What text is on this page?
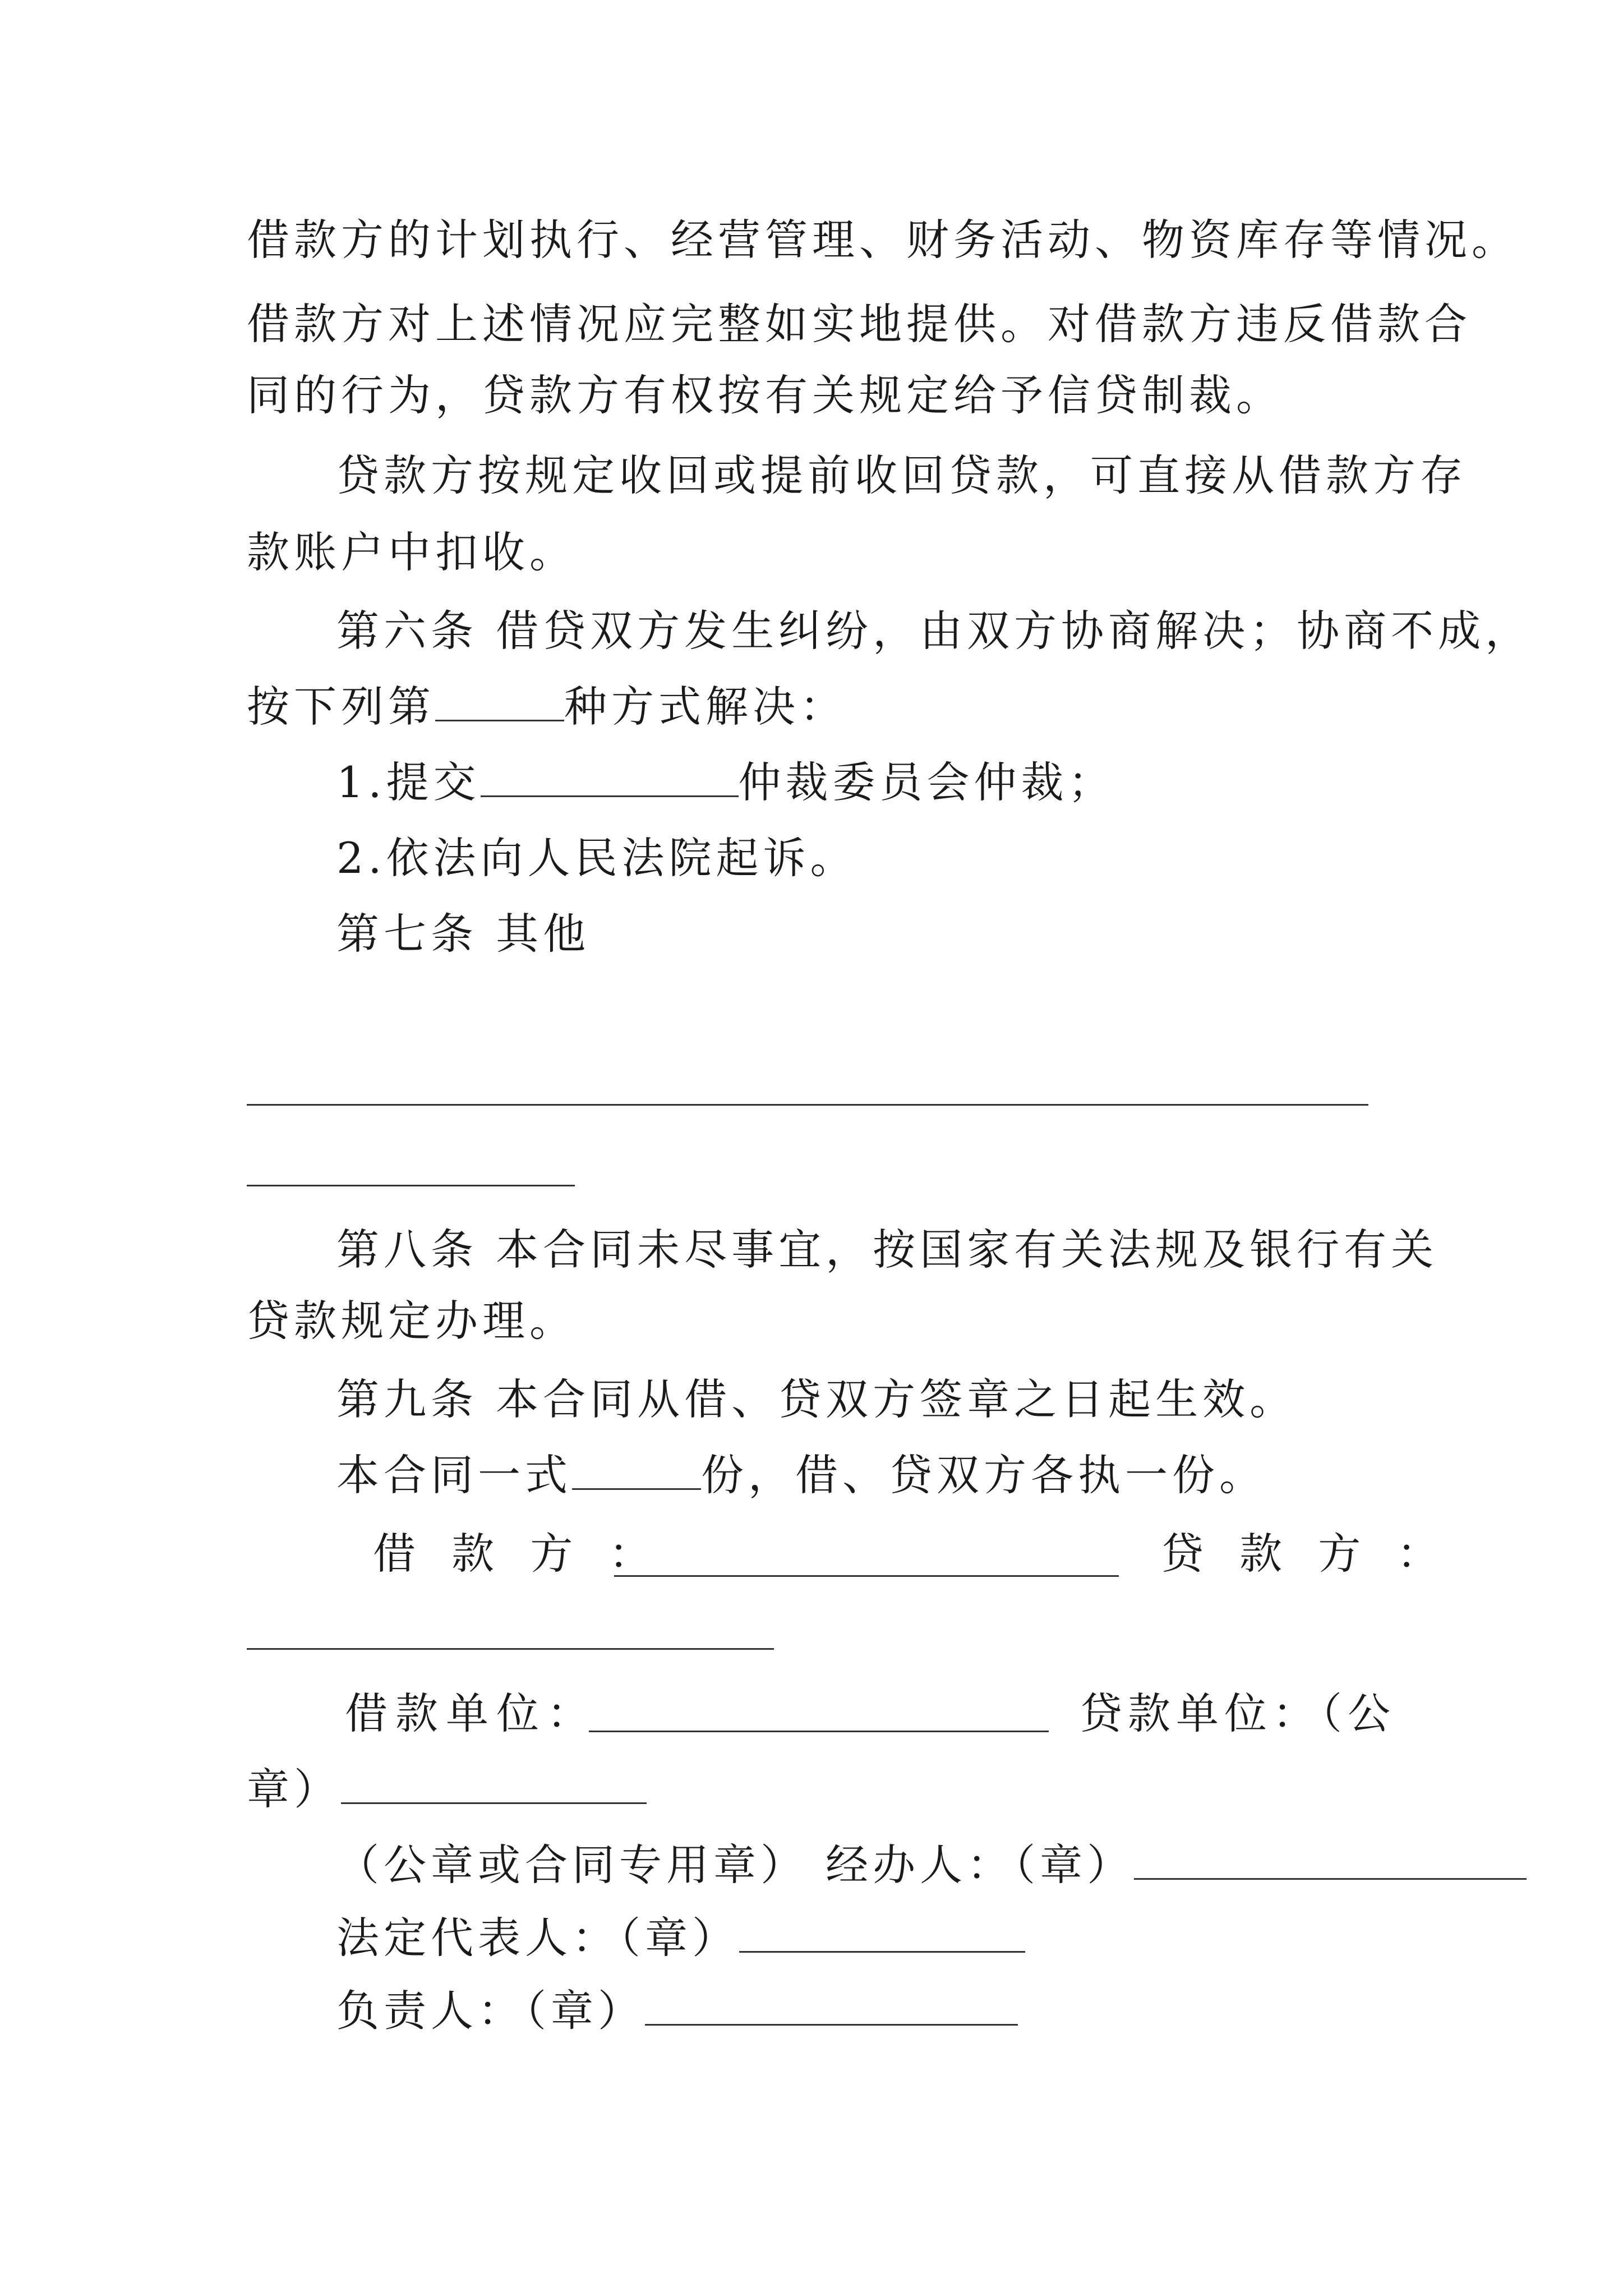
借款方的计划执行、经营管理、财务活动、物资库存等情况。
借款方对上述情况应完整如实地提供。对借款方违反借款合
同的行为，贷款方有权按有关规定给予信贷制裁。
贷款方按规定收回或提前收回贷款，可直接从借款方存
款账户中扣收。
第六条 借贷双方发生纠纷，由双方协商解决；协商不成，
按下列第	种方式解决：
1.提交	仲裁委员会仲裁；
2.依法向人民法院起诉。
第七条 其他
第八条 本合同未尽事宜，按国家有关法规及银行有关
贷款规定办理。
第九条 本合同从借、贷双方签章之日起生效。
本合同一式	份，借、贷双方各执一份。
借 款 方 ：	贷 款 方 ：
借款单位：	贷款单位：（公
章）
（公章或合同专用章） 经办人：（章）
法定代表人：（章）
负责人：（章）
